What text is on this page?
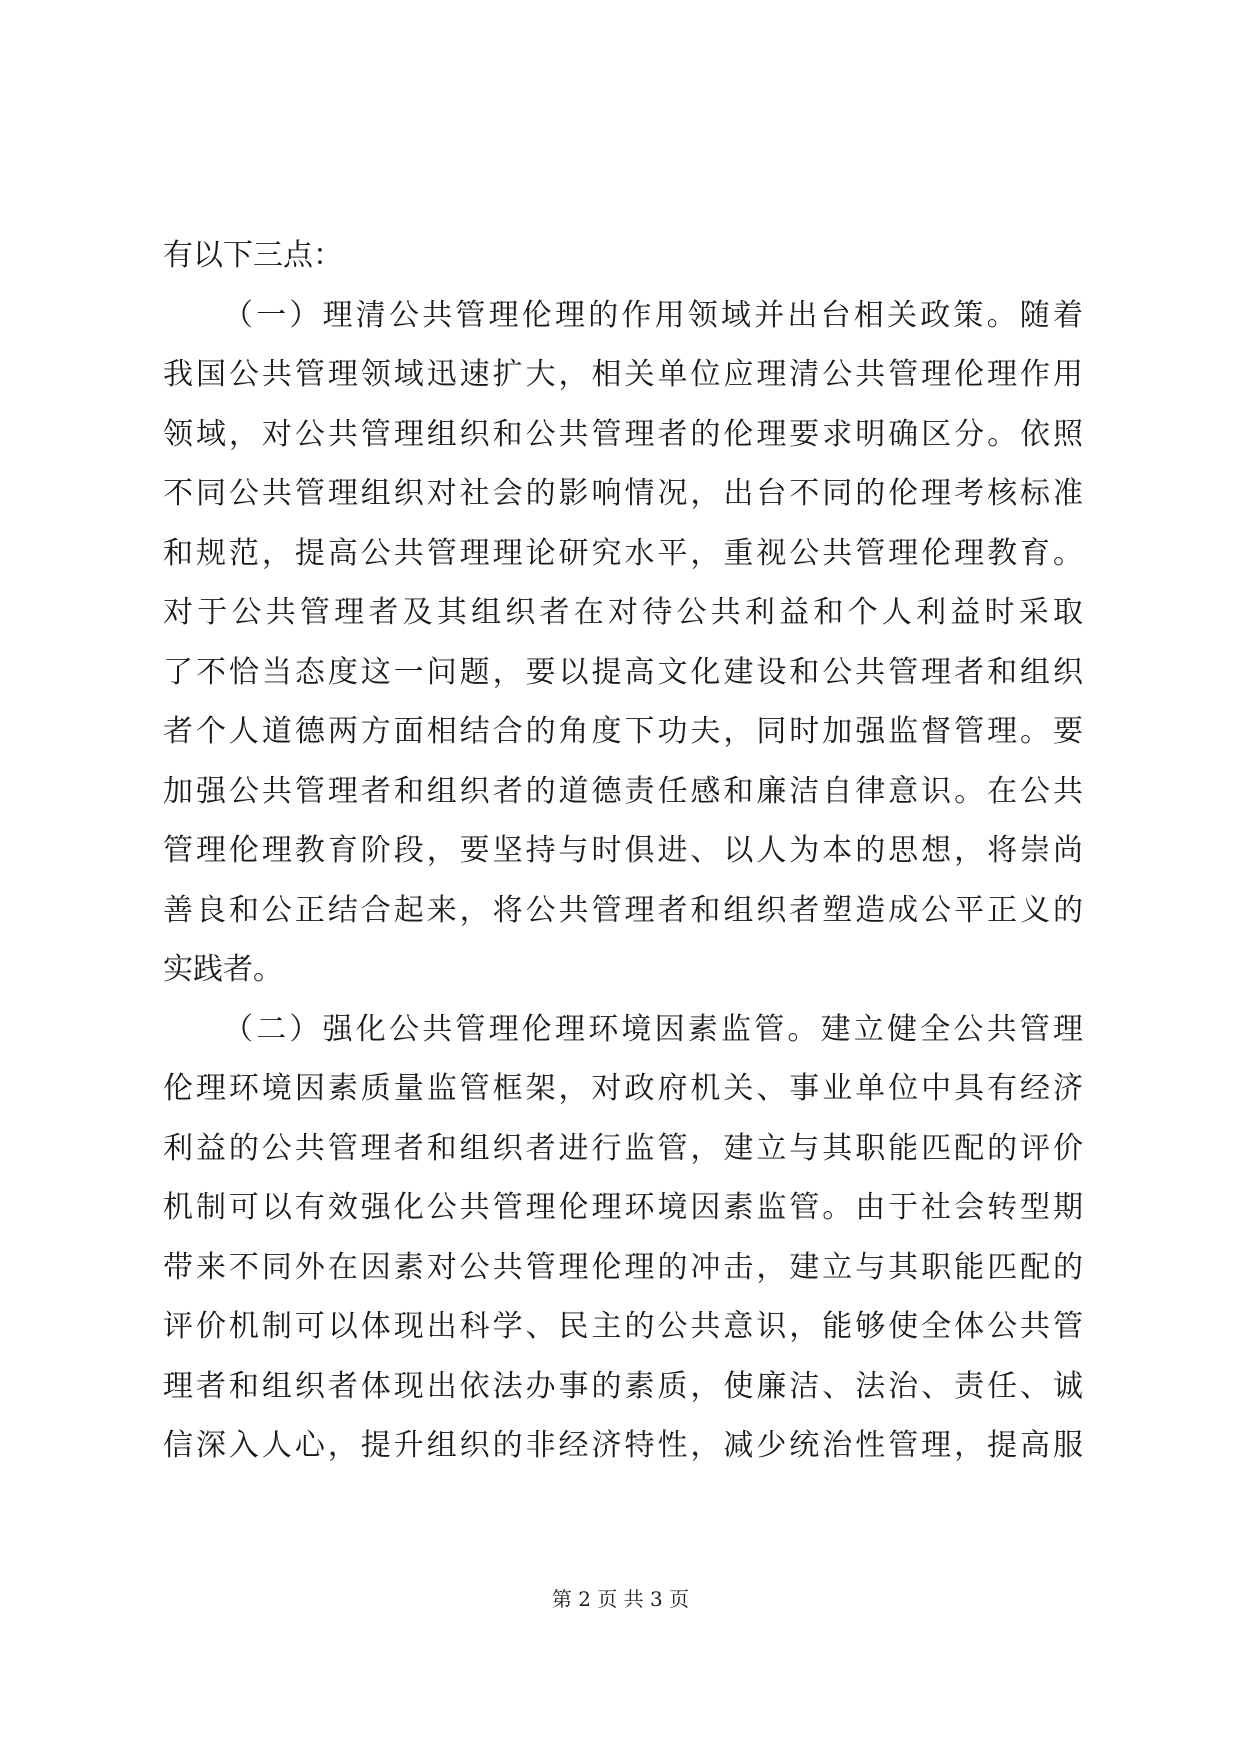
有以下三点：
（一）理清公共管理伦理的作用领域并出台相关政策。随着
我国公共管理领域迅速扩大，相关单位应理清公共管理伦理作用
领域，对公共管理组织和公共管理者的伦理要求明确区分。依照
不同公共管理组织对社会的影响情况，出台不同的伦理考核标准
和规范，提高公共管理理论研究水平，重视公共管理伦理教育。
对于公共管理者及其组织者在对待公共利益和个人利益时采取
了不恰当态度这一问题，要以提高文化建设和公共管理者和组织
者个人道德两方面相结合的角度下功夫，同时加强监督管理。要
加强公共管理者和组织者的道德责任感和廉洁自律意识。在公共
管理伦理教育阶段，要坚持与时俱进、以人为本的思想，将崇尚
善良和公正结合起来，将公共管理者和组织者塑造成公平正义的
实践者。
（二）强化公共管理伦理环境因素监管。建立健全公共管理
伦理环境因素质量监管框架，对政府机关、事业单位中具有经济
利益的公共管理者和组织者进行监管，建立与其职能匹配的评价
机制可以有效强化公共管理伦理环境因素监管。由于社会转型期
带来不同外在因素对公共管理伦理的冲击，建立与其职能匹配的
评价机制可以体现出科学、民主的公共意识，能够使全体公共管
理者和组织者体现出依法办事的素质，使廉洁、法治、责任、诚
信深入人心，提升组织的非经济特性，减少统治性管理，提高服
第 2 页 共 3 页
